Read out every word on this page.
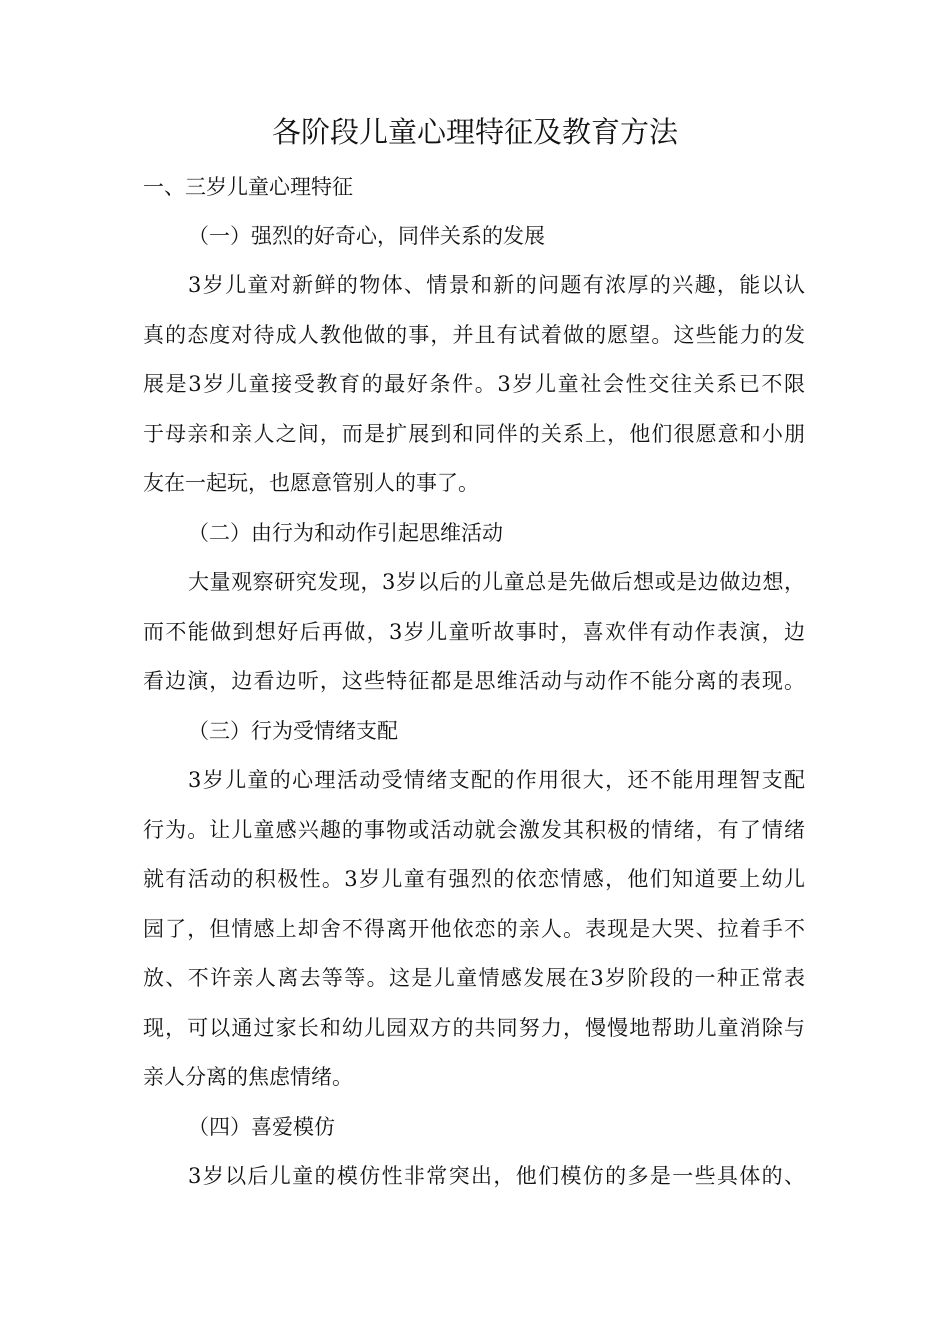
各阶段儿童心理特征及教育方法
一、三岁儿童心理特征
（一）强烈的好奇心，同伴关系的发展
3岁儿童对新鲜的物体、情景和新的问题有浓厚的兴趣，能以认
真的态度对待成人教他做的事，并且有试着做的愿望。这些能力的发
展是3岁儿童接受教育的最好条件。3岁儿童社会性交往关系已不限
于母亲和亲人之间，而是扩展到和同伴的关系上，他们很愿意和小朋
友在一起玩，也愿意管别人的事了。
（二）由行为和动作引起思维活动
大量观察研究发现，3岁以后的儿童总是先做后想或是边做边想，
而不能做到想好后再做，3岁儿童听故事时，喜欢伴有动作表演，边
看边演，边看边听，这些特征都是思维活动与动作不能分离的表现。
（三）行为受情绪支配
3岁儿童的心理活动受情绪支配的作用很大，还不能用理智支配
行为。让儿童感兴趣的事物或活动就会激发其积极的情绪，有了情绪
就有活动的积极性。3岁儿童有强烈的依恋情感，他们知道要上幼儿
园了，但情感上却舍不得离开他依恋的亲人。表现是大哭、拉着手不
放、不许亲人离去等等。这是儿童情感发展在3岁阶段的一种正常表
现，可以通过家长和幼儿园双方的共同努力，慢慢地帮助儿童消除与
亲人分离的焦虑情绪。
（四）喜爱模仿
3岁以后儿童的模仿性非常突出，他们模仿的多是一些具体的、
